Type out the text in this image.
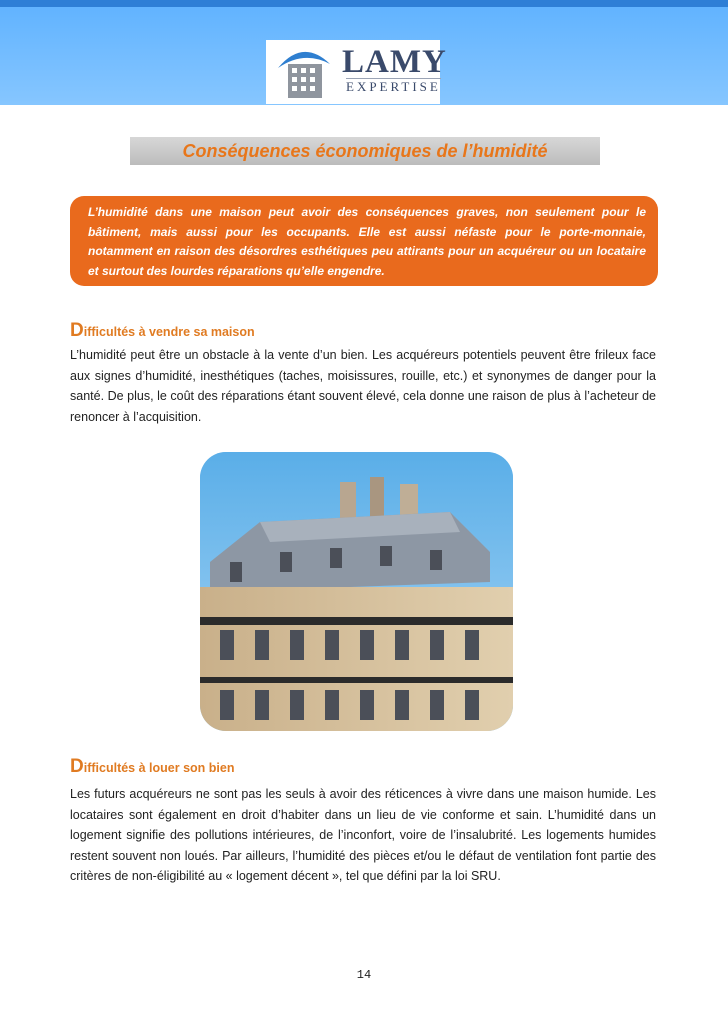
LAMY
EXPERTISE
Conséquences économiques de l’humidité

L’humidité dans une maison peut avoir des conséquences graves, non seulement pour le bâtiment, mais aussi pour les occupants. Elle est aussi néfaste pour le porte-monnaie, notamment en raison des désordres esthétiques peu attirants pour un acquéreur ou un locataire et surtout des lourdes réparations qu’elle engendre.

Difficultés à vendre sa maison

L’humidité peut être un obstacle à la vente d’un bien. Les acquéreurs potentiels peuvent être frileux face aux signes d’humidité, inesthétiques (taches, moisissures, rouille, etc.) et synonymes de danger pour la santé. De plus, le coût des réparations étant souvent élevé, cela donne une raison de plus à l’acheteur de renoncer à l’acquisition.

Difficultés à louer son bien

Les futurs acquéreurs ne sont pas les seuls à avoir des réticences à vivre dans une maison humide. Les locataires sont également en droit d’habiter dans un lieu de vie conforme et sain. L’humidité dans un logement signifie des pollutions intérieures, de l’inconfort, voire de l’insalubrité. Les logements humides restent souvent non loués. Par ailleurs, l’humidité des pièces et/ou le défaut de ventilation font partie des critères de non-éligibilité au « logement décent », tel que défini par la loi SRU.

14
